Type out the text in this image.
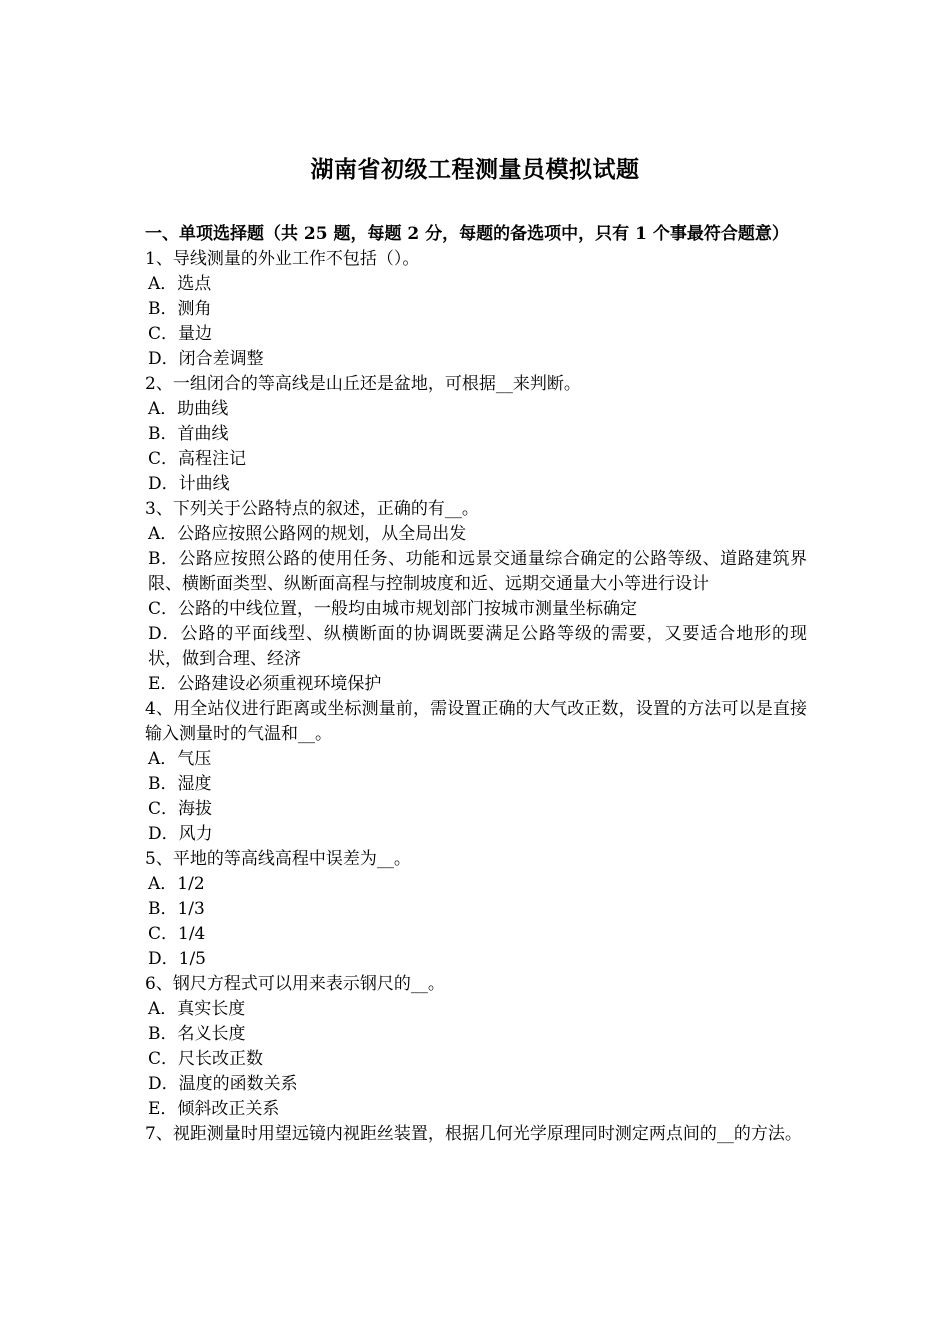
湖南省初级工程测量员模拟试题
一、单项选择题（共 25 题，每题 2 分，每题的备选项中，只有 1 个事最符合题意）
1、导线测量的外业工作不包括（）。
A．选点
B．测角
C．量边
D．闭合差调整
2、一组闭合的等高线是山丘还是盆地，可根据__来判断。
A．助曲线
B．首曲线
C．高程注记
D．计曲线
3、下列关于公路特点的叙述，正确的有__。
A．公路应按照公路网的规划，从全局出发
B．公路应按照公路的使用任务、功能和远景交通量综合确定的公路等级、道路建筑界限、横断面类型、纵断面高程与控制坡度和近、远期交通量大小等进行设计
C．公路的中线位置，一般均由城市规划部门按城市测量坐标确定
D．公路的平面线型、纵横断面的协调既要满足公路等级的需要，又要适合地形的现状，做到合理、经济
E．公路建设必须重视环境保护
4、用全站仪进行距离或坐标测量前，需设置正确的大气改正数，设置的方法可以是直接输入测量时的气温和__。
A．气压
B．湿度
C．海拔
D．风力
5、平地的等高线高程中误差为__。
A．1/2
B．1/3
C．1/4
D．1/5
6、钢尺方程式可以用来表示钢尺的__。
A．真实长度
B．名义长度
C．尺长改正数
D．温度的函数关系
E．倾斜改正关系
7、视距测量时用望远镜内视距丝装置，根据几何光学原理同时测定两点间的__的方法。
